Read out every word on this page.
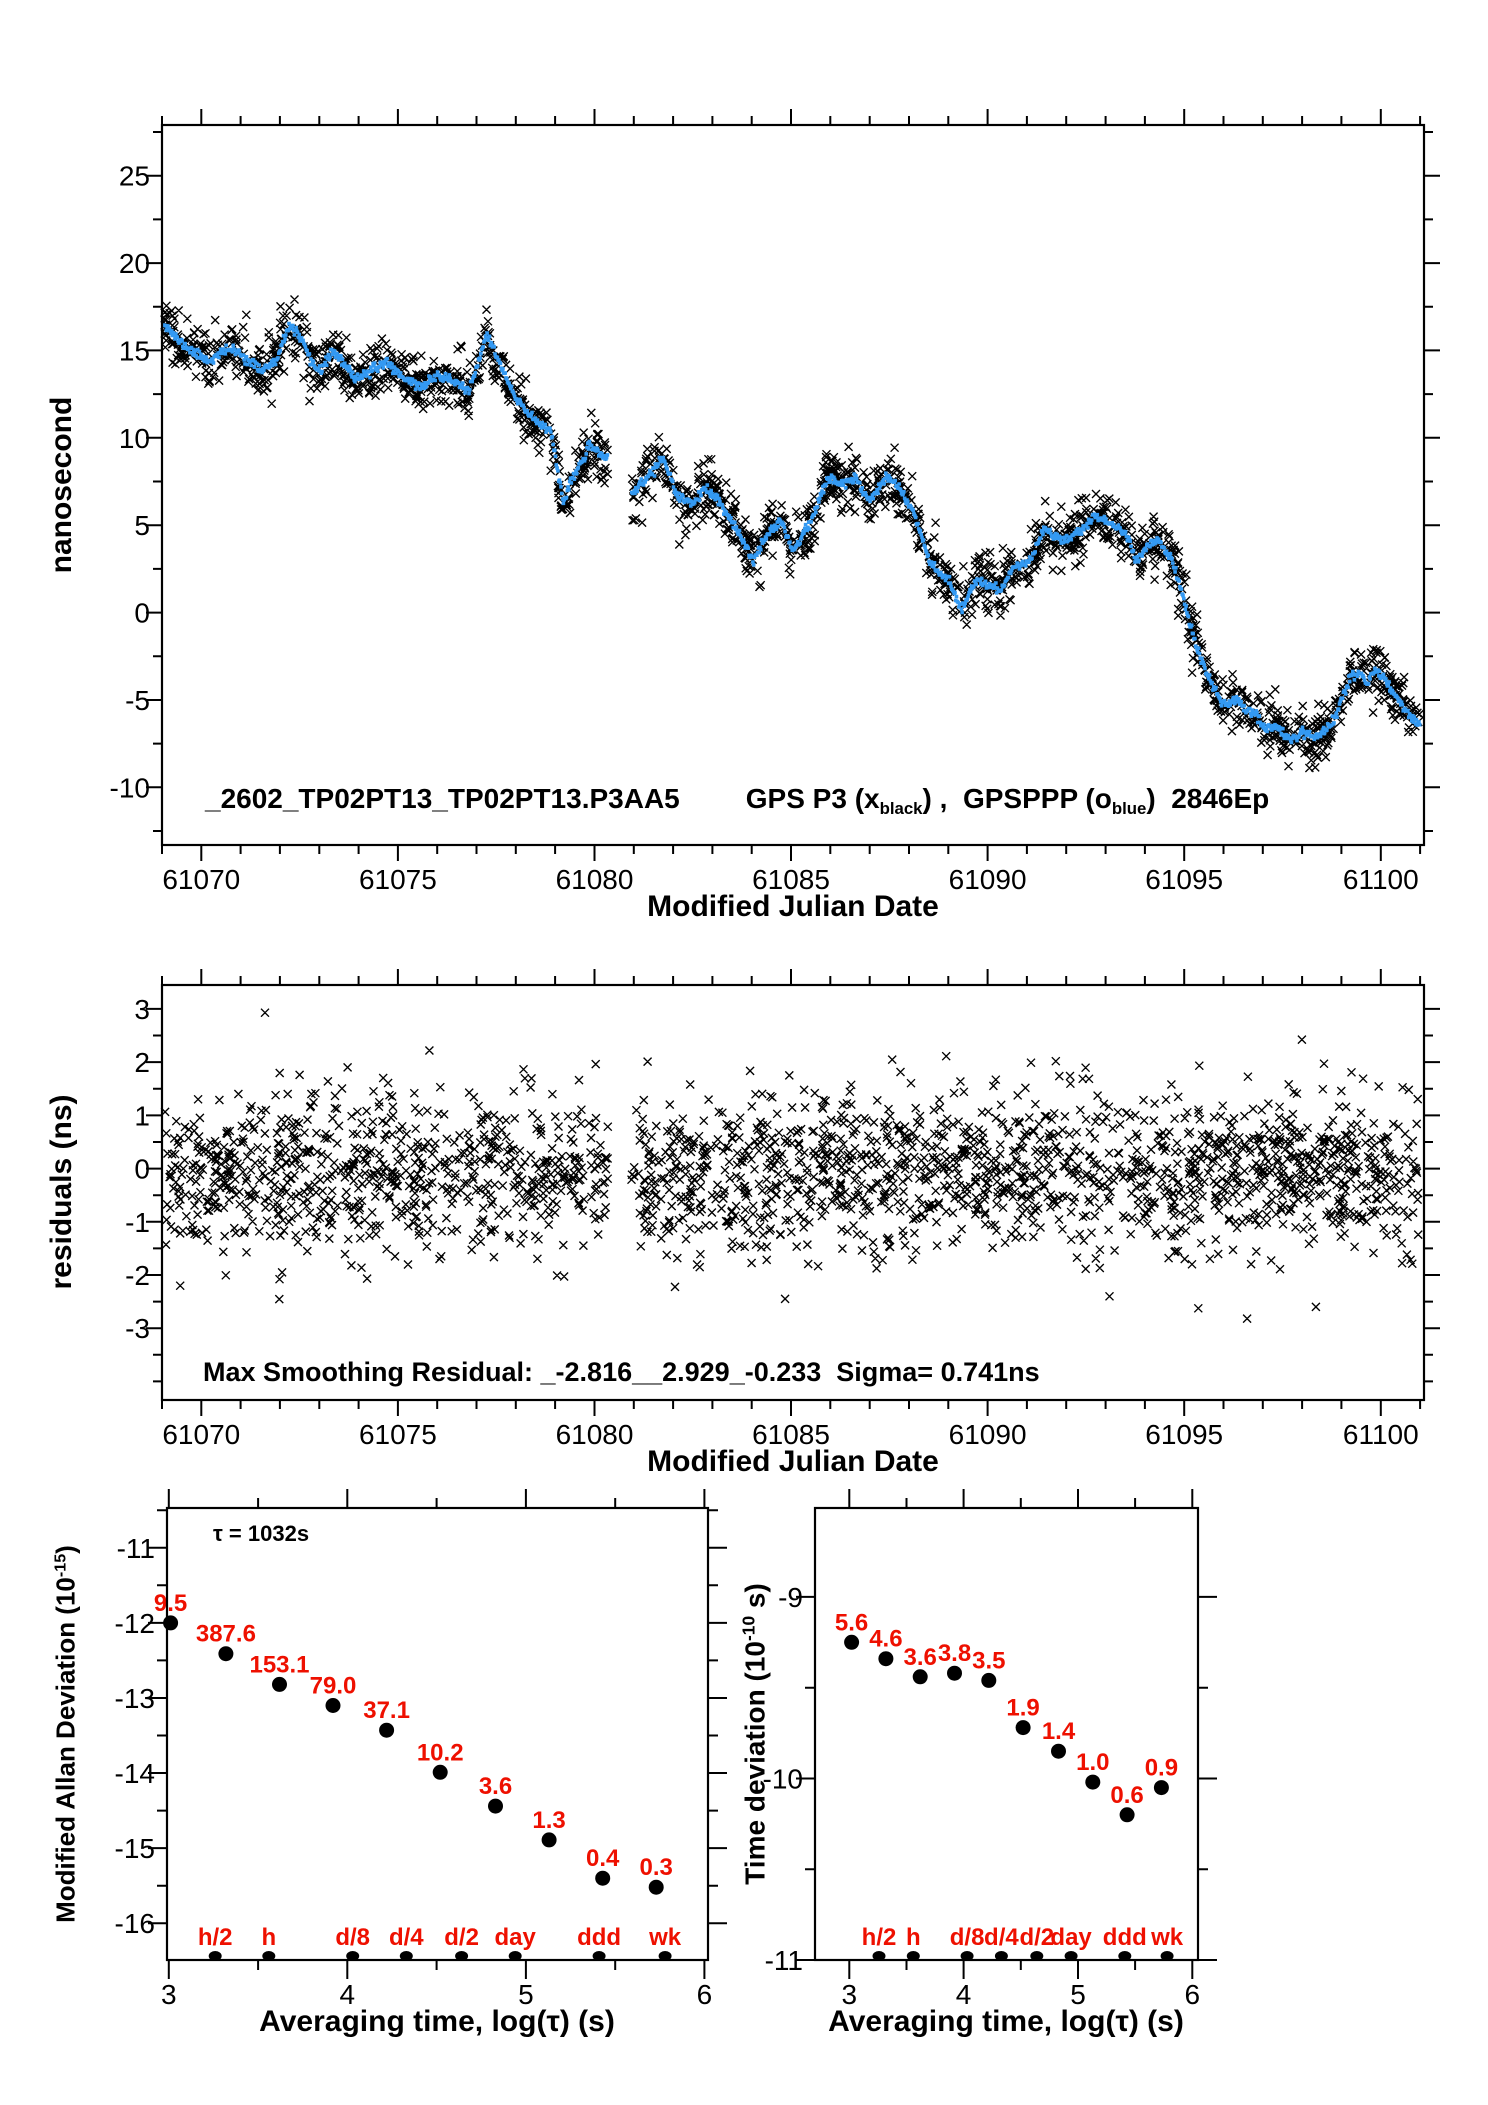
61070	61075	61080	61085	61090	61095	61100
-10
-5
0
5
10
15
20
25
61070	61075	61080	61085	61090	61095	61100
-3
-2
-1
0
1
2
3
9.5
387.6
153.1
79.0
37.1
10.2
3.6
1.3
0.4 0.3
h/2 h d/8 d/4 d/2 day ddd wk
3	4	5	6
-16
-15
-14
-13
-12
-11
5.6
4.6
3.6 3.8 3.5
1.9
1.4
1.0
0.6
0.9
h/2 h d/8 d/4 d/2
day ddd wk
3	4	5	6
-11
-10
-9
_2602_TP02PT13_TP02PT13.P3AA5 GPS P3 $(x_{black})$ ,  GPSPPP $(o_{blue})$  2846Ep
nanosecond
Modified Julian Date
residuals (ns)
Modified Julian Date
Max Smoothing Residual: _-2.816__2.929_-0.233  Sigma= 0.741ns
Modified Allan Deviation $(10^{-15})$
Averaging time, log(τ) (s)
τ = 1032s
Time deviation ($10^{-10}$ s)
Averaging time, log(τ) (s)
